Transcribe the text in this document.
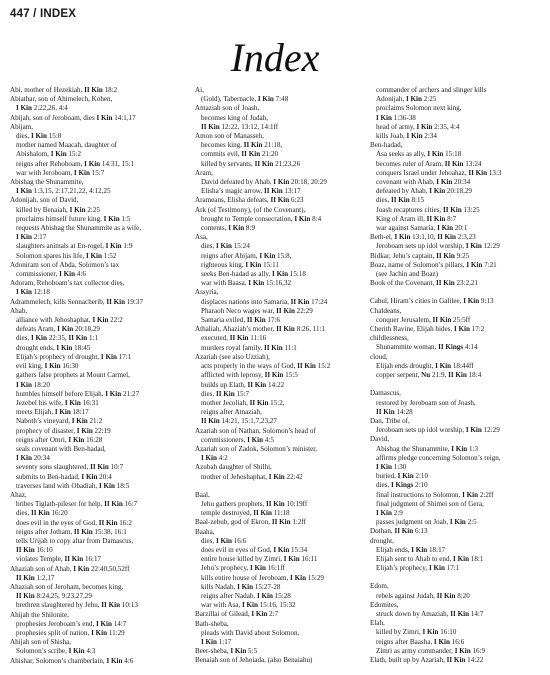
447 / INDEX
Index
Abi, mother of Hezekiah, II Kin 18:2
Abiathar, son of Ahimelech, Kohen,
I Kin 2:22,26, 4:4
Abijah, son of Jeroboam, dies I Kin 14:1,17
Abijam,
dies, I Kin 15:8
mother named Maacah, daughter of
Abishalom, I Kin 15:2
reigns after Rehoboam, I Kin 14:31, 15:1
war with Jeroboam, I Kin 15:7
Abishag the Shunammite,
I Kin 1:3,15, 2:17,21,22, 4:12,25
Adonijah, son of David,
killed by Benaiah, I Kin 2:25
proclaims himself future king, I Kin 1:5
requests Abishag the Shunammite as a wife,
I Kin 2:17
slaughters animals at En-rogel, I Kin 1:9
Solomon spares his life, I Kin 1:52
Adoniram son of Abda, Solomon’s tax
commissioner, I Kin 4:6
Adoram, Rehoboam’s tax collector dies,
I Kin 12:18
Adrammelech, kills Sennacherib, II Kin 19:37
Ahab,
alliance with Jehoshaphat, I Kin 22:2
defeats Aram, I Kin 20:18,29
dies, I Kin 22:35, II Kin 1:1
drought ends, I Kin 18:45
Elijah’s prophecy of drought, I Kin 17:1
evil king, I Kin 16:30
gathers false prophets at Mount Carmel,
I Kin 18:20
humbles himself before Elijah, I Kin 21:27
Jezebel his wife, I Kin 16:31
meets Elijah, I Kin 18:17
Naboth’s vineyard, I Kin 21:2
prophecy of disaster, I Kin 22:19
reigns after Omri, I Kin 16:28
seals covenant with Ben-hadad,
I Kin 20:34
seventy sons slaughtered, II Kin 10:7
submits to Ben-hadad, I Kin 20:4
traverses land with Obadiah, I Kin 18:5
Ahaz,
bribes Tiglath-pileser for help, II Kin 16:7
dies, II Kin 16:20
does evil in the eyes of God, II Kin 16:2
reigns after Jotham, II Kin 15:38, 16:1
tells Urijah to copy altar from Damascus,
II Kin 16:10
violates Temple, II Kin 16:17
Ahaziah son of Ahab, I Kin 22:40,50,52ff
II Kin 1:2,17
Ahaziah son of Jeroham, becomes king,
II Kin 8:24,25, 9:23,27,29
brethren slaughtered by Jehu, II Kin 10:13
Ahijah the Shilonite,
prophesies Jeroboam’s end, I Kin 14:7
prophesies split of nation, I Kin 11:29
Ahijah son of Shisha,
Solomon’s scribe, I Kin 4:3
Ahishar, Solomon’s chamberlain, I Kin 4:6
Ai,
(Gold), Tabernacle, I Kin 7:48
Amaziah son of Joash,
becomes king of Judah,
II Kin 12:22, 13:12, 14:1ff
Amon son of Manasseh,
becomes king, II Kin 21:18,
commits evil, II Kin 21:20
killed by servants, II Kin 21:23,26
Aram,
David defeated by Ahab, I Kin 20:18, 20:29
Elisha’s magic arrow, II Kin 13:17
Arameans, Elisha defeats, II Kin 6:23
Ark (of Testimony), (of the Covenant),
brought to Temple consecration, I Kin 8:4
contents, I Kin 8:9
Asa,
dies, I Kin 15:24
reigns after Abijam, I Kin 15:8,
righteous king, I Kin 15:11
seeks Ben-hadad as ally, I Kin 15:18
war with Baasa, I Kin 15:16,32
Assyria,
displaces nations into Samaria, II Kin 17:24
Pharaoh Neco wages war, II Kin 22:29
Samaria exiled, II Kin 17:6
Athaliah, Ahaziah’s mother, II Kin 8:26, 11:1
executed, II Kin 11:16
murders royal family, II Kin 11:1
Azariah (see also Uzziah),
acts properly in the ways of God, II Kin 15:2
afflicted with leprosy, II Kin 15:5
builds up Elath, II Kin 14:22
dies, II Kin 15:7
mother Jecoliah, II Kin 15:2,
reigns after Amaziah,
II Kin 14:21, 15:1,7,23,27
Azariah son of Nathan, Solomon’s head of
commissioners, I Kin 4:5
Azariah son of Zadok, Solomon’s minister,
I Kin 4:2
Azubah daughter of Shilhi,
mother of Jehoshaphat, I Kin 22:42
Baal,
Jehu gathers prophets, II Kin 10:19ff
temple destroyed, II Kin 11:18
Baal-zebub, god of Ekron, II Kin 1:2ff
Baaha,
dies, I Kin 16:6
does evil in eyes of God, I Kin 15:34
entire house killed by Zimri, I Kin 16:11
Jehu’s prophecy, I Kin 16:1ff
kills entire house of Jeroboam, I Kin 15:29
kills Nadab, I Kin 15:27-28
reigns after Nadab, I Kin 15:28
war with Asa, I Kin 15:16, 15:32
Barzillai of Gilead, I Kin 2:7
Bath-sheba,
pleads with David about Solomon,
I Kin 1:17
Beer-sheba, I Kin 5:5
Benaiah son of Jehoiada, (also Benaiahu)
commander of archers and slinger kills
Adonijah, I Kin 2:25
proclaims Solomon next king,
I Kin 1:36-38
head of army, I Kin 2:35, 4:4
kills Joab, I Kin 2:34
Ben-hadad,
Asa seeks as ally, I Kin 15:18
becomes ruler of Aram, II Kin 13:24
conquers Israel under Jehoahaz, II Kin 13:3
covenant with Ahab, I Kin 20:34
defeated by Ahab, I Kin 20:18,29
dies, II Kin 8:15
Joash recaptures cities, II Kin 13:25
King of Aram ill, II Kin 8:7
war against Samaria, I Kin 20:1
Beth-el, I Kin 13:1,10, II Kin 2:3,23
Jeroboam sets up idol worship, I Kin 12:29
Bidkar, Jehu’s captain, II Kin 9:25
Boaz, name of Solomon’s pillars, I Kin 7:21
(see Jachin and Boaz)
Book of the Covenant, II Kin 23:2,21
Cabul, Hiram’s cities in Galilee, I Kin 9:13
Chaldeans,
conquer Jerusalem, II Kin 25:5ff
Cherith Ravine, Elijah hides, I Kin 17:2
childlessness,
Shunammite woman, II Kings 4:14
cloud,
Elijah ends drought, I Kin 18:44ff
copper serpent, Nu 21:9, II Kin 18:4
Damascus,
restored by Jeroboam son of Joash,
II Kin 14:28
Dan, Tribe of,
Jeroboam sets up idol worship, I Kin 12:29
David,
Abishag the Shunammite, I Kin 1:3
affirms pledge concerning Solomon’s reign,
I Kin 1:30
buried, I Kin 2:10
dies, I Kings 2:10
final instructions to Solomon, I Kin 2:2ff
final judgment of Shimei son of Gera,
I Kin 2:9
passes judgment on Joab, I Kin 2:5
Dothan, II Kin 6:13
drought,
Elijah ends, I Kin 18:17
Elijah sent to Ahab to end, I Kin 18:1
Elijah’s prophecy, I Kin 17:1
Edom,
rebels against Judah, II Kin 8:20
Edomites,
struck down by Amaziah, II Kin 14:7
Elah,
killed by Zimri, I Kin 16:10
reigns after Baasha, I Kin 16:6
Zimri as army commander, I Kin 16:9
Elath, built up by Azariah, II Kin 14:22
